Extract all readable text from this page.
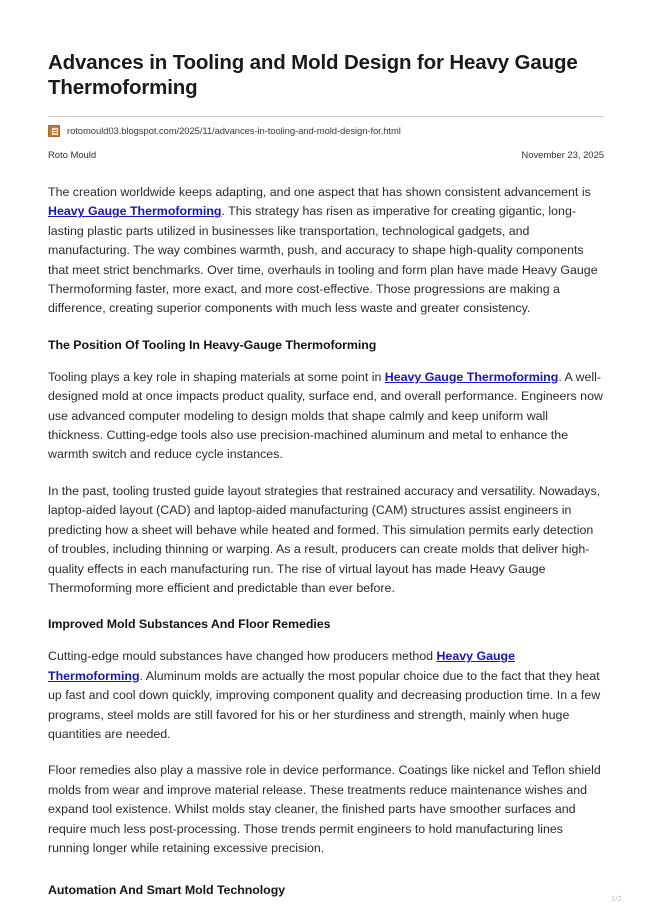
Advances in Tooling and Mold Design for Heavy Gauge Thermoforming
rotomould03.blogspot.com/2025/11/advances-in-tooling-and-mold-design-for.html
Roto Mould	November 23, 2025

The creation worldwide keeps adapting, and one aspect that has shown consistent advancement is Heavy Gauge Thermoforming. This strategy has risen as imperative for creating gigantic, long-lasting plastic parts utilized in businesses like transportation, technological gadgets, and manufacturing. The way combines warmth, push, and accuracy to shape high-quality components that meet strict benchmarks. Over time, overhauls in tooling and form plan have made Heavy Gauge Thermoforming faster, more exact, and more cost-effective. Those progressions are making a difference, creating superior components with much less waste and greater consistency.

The Position Of Tooling In Heavy-Gauge Thermoforming

Tooling plays a key role in shaping materials at some point in Heavy Gauge Thermoforming. A well-designed mold at once impacts product quality, surface end, and overall performance. Engineers now use advanced computer modeling to design molds that shape calmly and keep uniform wall thickness. Cutting-edge tools also use precision-machined aluminum and metal to enhance the warmth switch and reduce cycle instances.

In the past, tooling trusted guide layout strategies that restrained accuracy and versatility. Nowadays, laptop-aided layout (CAD) and laptop-aided manufacturing (CAM) structures assist engineers in predicting how a sheet will behave while heated and formed. This simulation permits early detection of troubles, including thinning or warping. As a result, producers can create molds that deliver high-quality effects in each manufacturing run. The rise of virtual layout has made Heavy Gauge Thermoforming more efficient and predictable than ever before.

Improved Mold Substances And Floor Remedies

Cutting-edge mould substances have changed how producers method Heavy Gauge Thermoforming. Aluminum molds are actually the most popular choice due to the fact that they heat up fast and cool down quickly, improving component quality and decreasing production time. In a few programs, steel molds are still favored for his or her sturdiness and strength, mainly when huge quantities are needed.

Floor remedies also play a massive role in device performance. Coatings like nickel and Teflon shield molds from wear and improve material release. These treatments reduce maintenance wishes and expand tool existence. Whilst molds stay cleaner, the finished parts have smoother surfaces and require much less post-processing. Those trends permit engineers to hold manufacturing lines running longer while retaining excessive precision.

Automation And Smart Mold Technology
1/2
